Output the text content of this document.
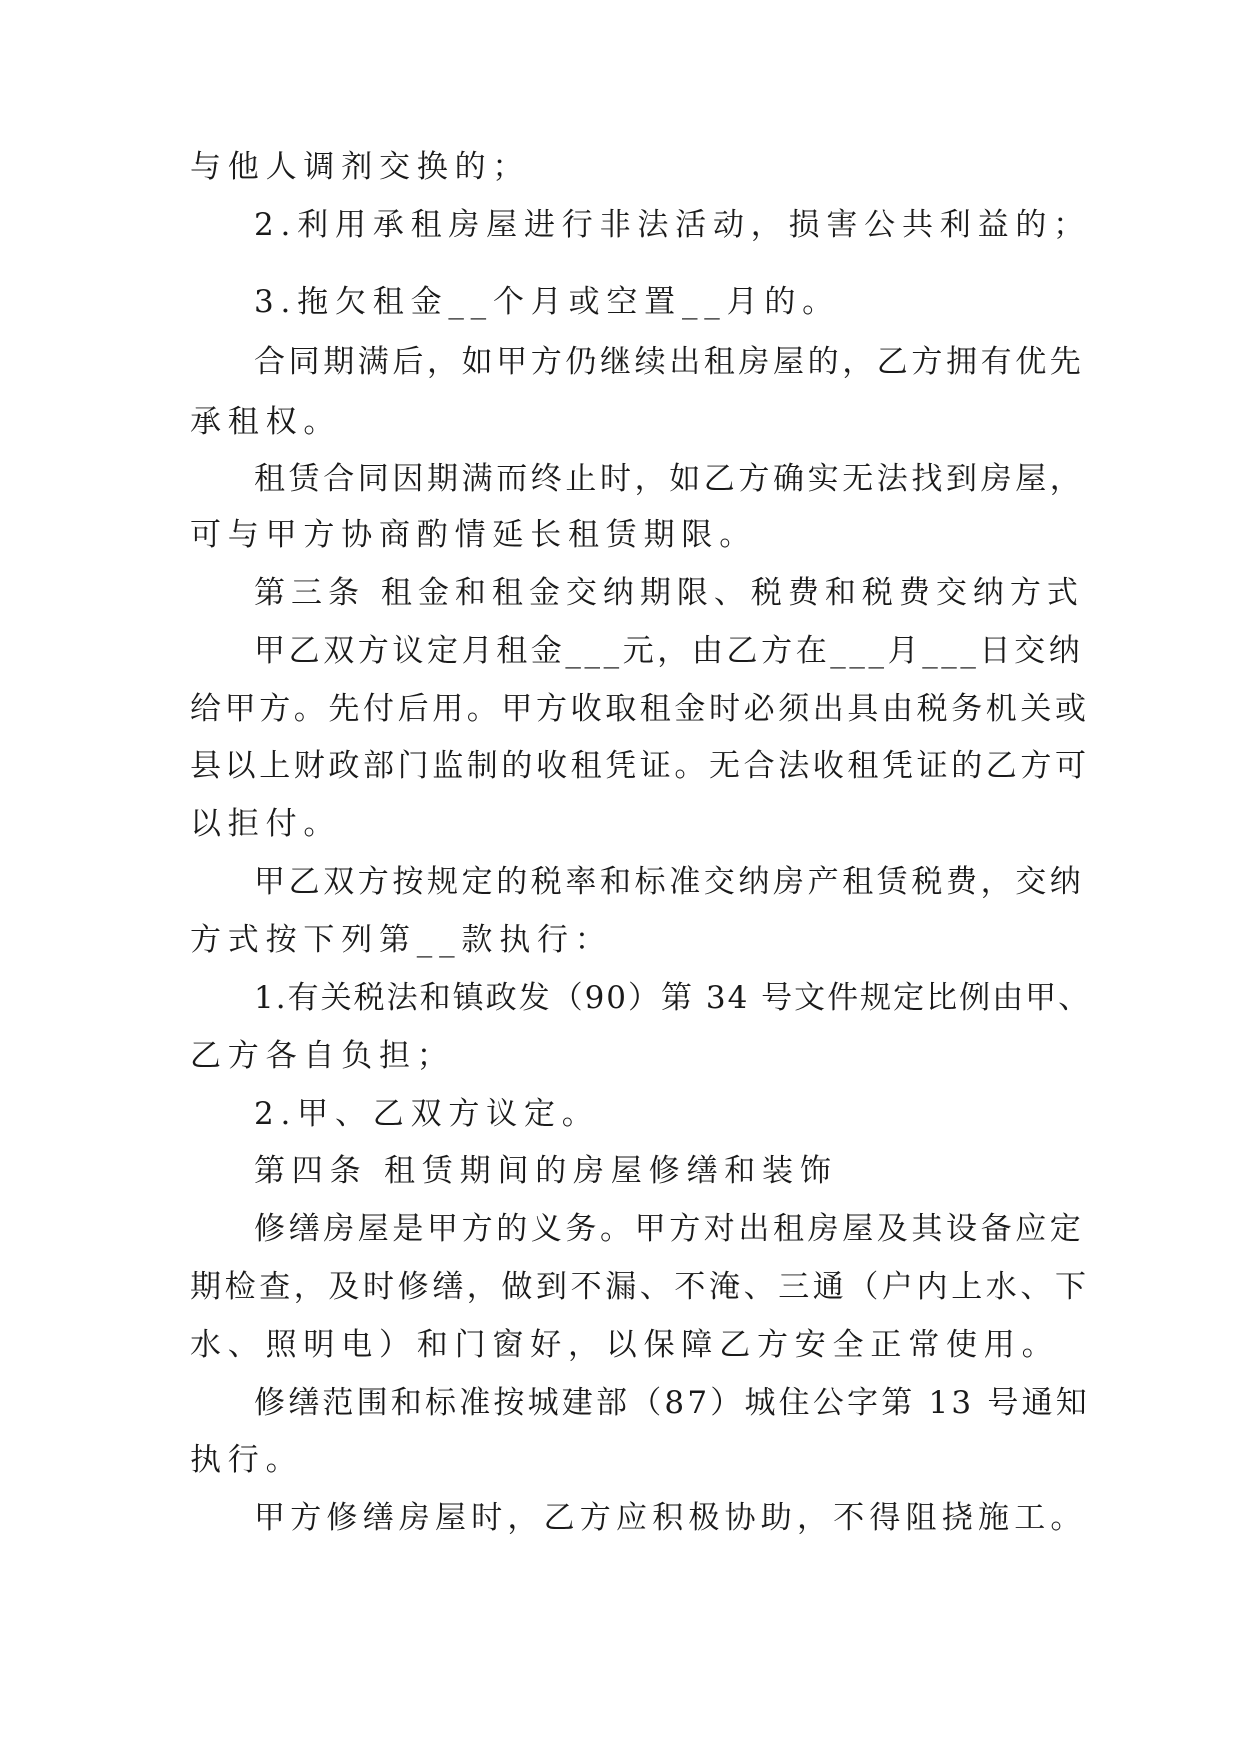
与他人调剂交换的；
2.利用承租房屋进行非法活动，损害公共利益的；
3.拖欠租金__个月或空置__月的。
合同期满后，如甲方仍继续出租房屋的，乙方拥有优先
承租权。
租赁合同因期满而终止时，如乙方确实无法找到房屋，
可与甲方协商酌情延长租赁期限。
第三条 租金和租金交纳期限、税费和税费交纳方式
甲乙双方议定月租金___元，由乙方在___月___日交纳
给甲方。先付后用。甲方收取租金时必须出具由税务机关或
县以上财政部门监制的收租凭证。无合法收租凭证的乙方可
以拒付。
甲乙双方按规定的税率和标准交纳房产租赁税费，交纳
方式按下列第__款执行：
1.有关税法和镇政发（90）第 34 号文件规定比例由甲、
乙方各自负担；
2.甲、乙双方议定。
第四条 租赁期间的房屋修缮和装饰
修缮房屋是甲方的义务。甲方对出租房屋及其设备应定
期检查，及时修缮，做到不漏、不淹、三通（户内上水、下
水、照明电）和门窗好，以保障乙方安全正常使用。
修缮范围和标准按城建部（87）城住公字第 13 号通知
执行。
甲方修缮房屋时，乙方应积极协助，不得阻挠施工。
